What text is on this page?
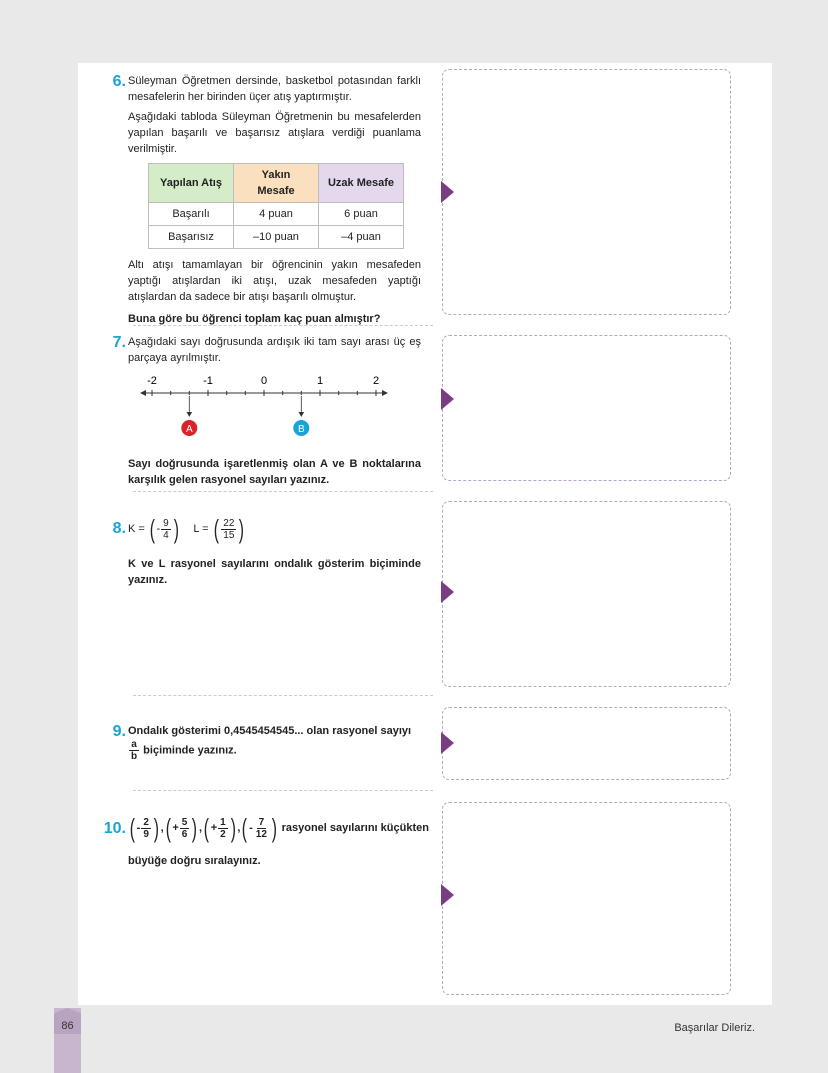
6. Süleyman Öğretmen dersinde, basketbol potasından farklı mesafelerin her birinden üçer atış yaptırmıştır.

Aşağıdaki tabloda Süleyman Öğretmenin bu mesafelerden yapılan başarılı ve başarısız atışlara verdiği puanlama verilmiştir.

Yapılan Atış	Yakın Mesafe	Uzak Mesafe
Başarılı	4 puan	6 puan
Başarısız	–10 puan	–4 puan

Altı atışı tamamlayan bir öğrencinin yakın mesafeden yaptığı atışlardan iki atışı, uzak mesafeden yaptığı atışlardan da sadece bir atışı başarılı olmuştur.

Buna göre bu öğrenci toplam kaç puan almıştır?

7. Aşağıdaki sayı doğrusunda ardışık iki tam sayı arası üç eş parçaya ayrılmıştır.

-2	-1	0	1	2
A	B

Sayı doğrusunda işaretlenmiş olan A ve B noktalarına karşılık gelen rasyonel sayıları yazınız.

8. K = ( - $\frac{9}{4}$ ) L = ( $\frac{22}{15}$ )

K ve L rasyonel sayılarını ondalık gösterim biçiminde yazınız.

9. Ondalık gösterimi 0,4545454545... olan rasyonel sayıyı
$\frac{a}{b}$ biçiminde yazınız.
10. ( - $\frac{2}{9}$ ) , ( + $\frac{5}{6}$ ) , ( + $\frac{1}{2}$ ) , ( - $\frac{7}{12}$ ) rasyonel sayılarını küçükten

büyüğe doğru sıralayınız.

86	Başarılar Dileriz.
